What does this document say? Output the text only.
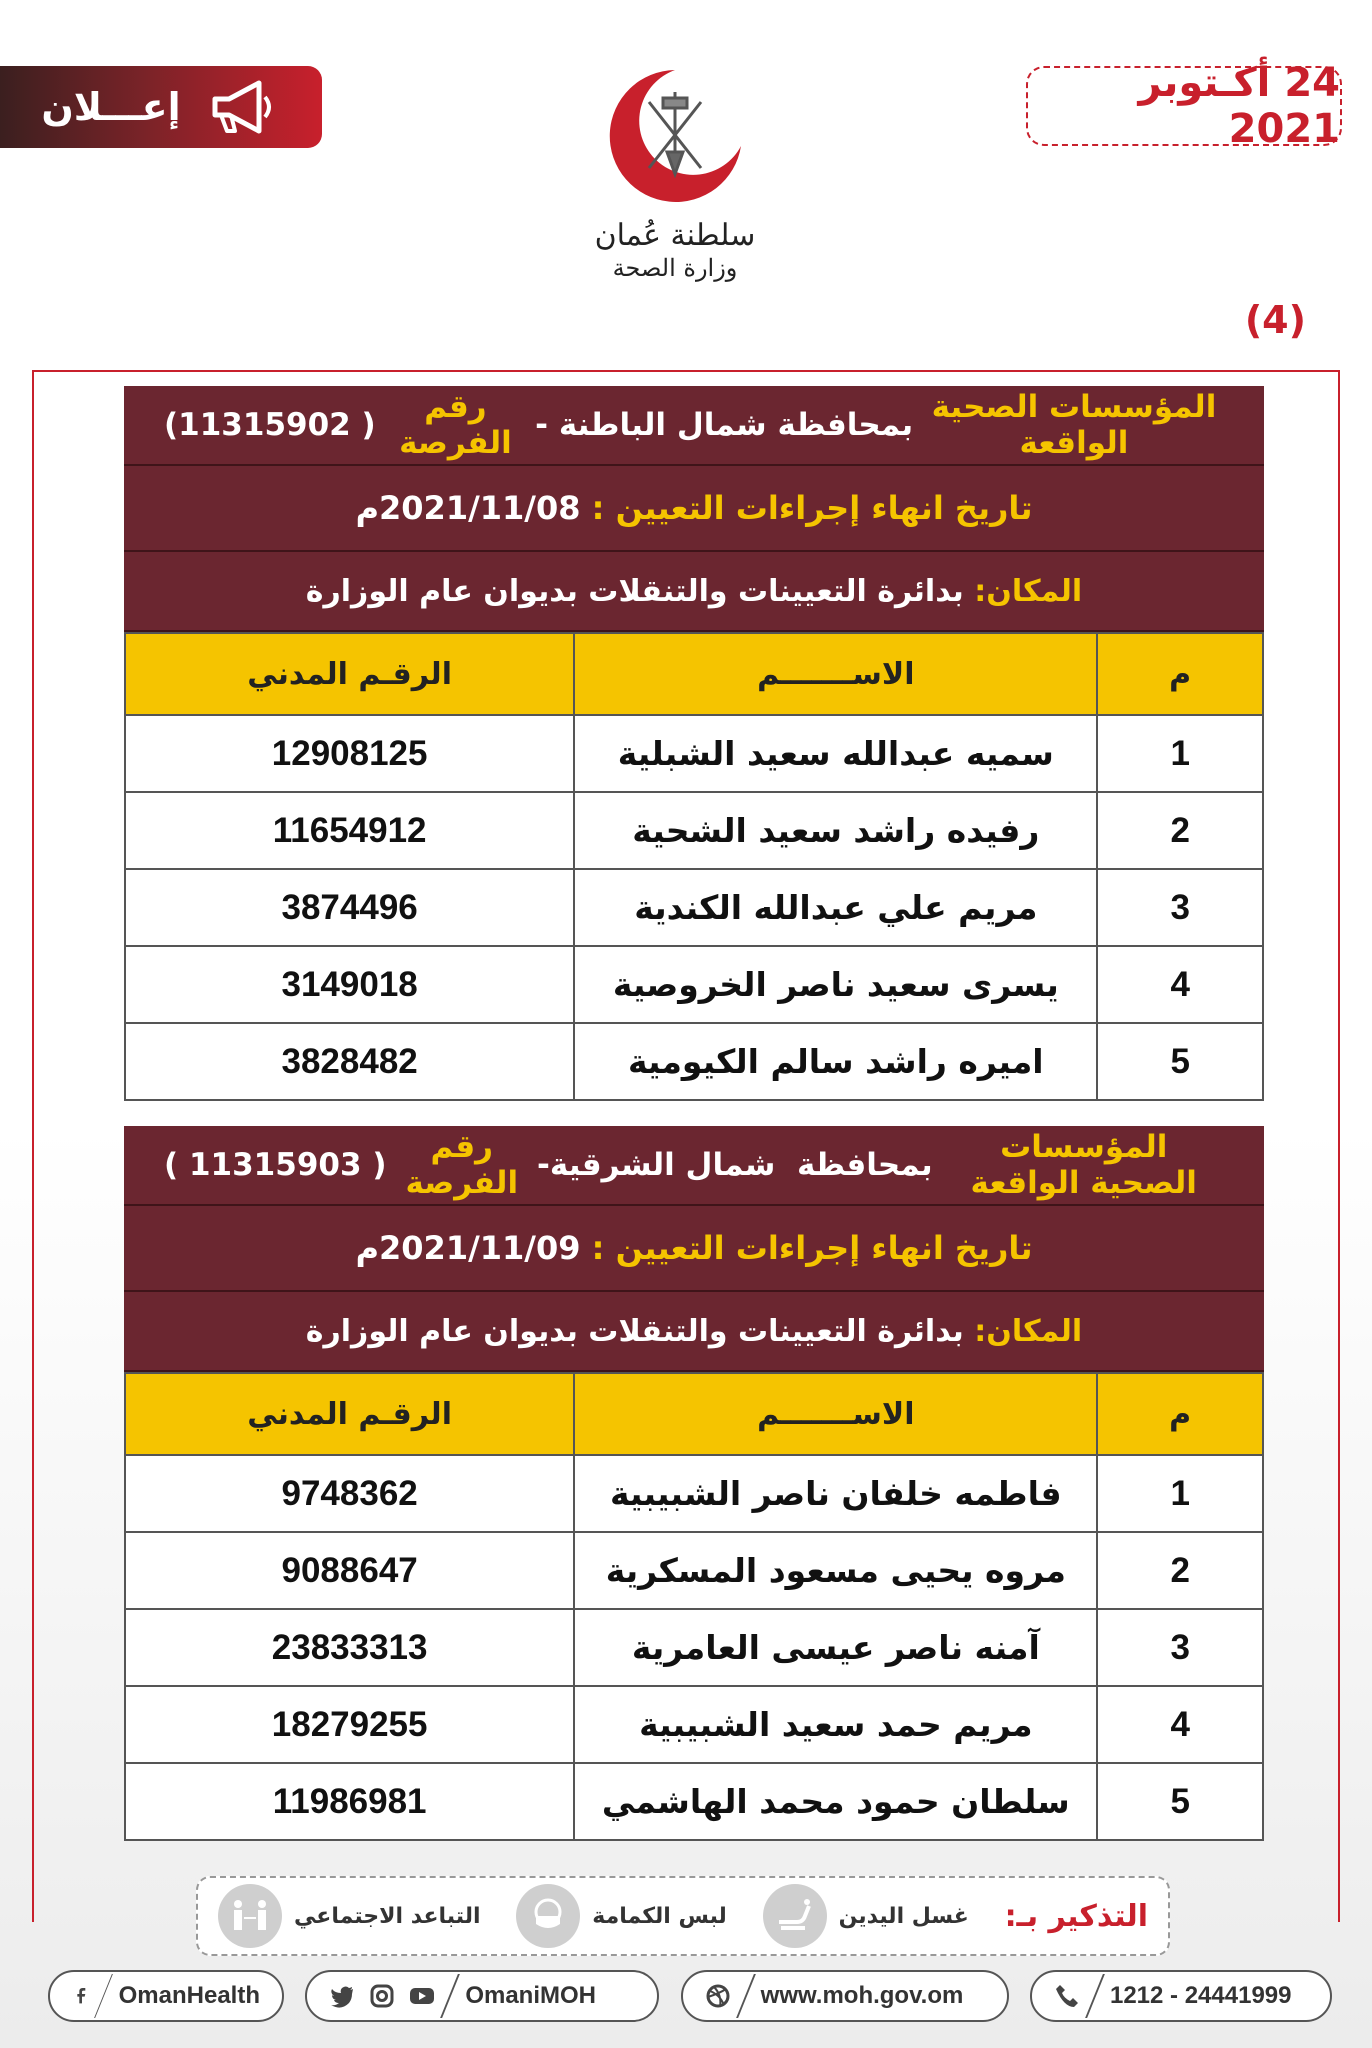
إعـــلان
سلطنة عُمان
وزارة الصحة
24 أكـتوبر 2021
(4)
المؤسسات الصحية الواقعة
بمحافظة شمال الباطنة -
رقم الفرصة
( 11315902)
تاريخ انهاء إجراءات التعيين :
2021/11/08م
المكان:
بدائرة التعيينات والتنقلات بديوان عام الوزارة
م	الاســـــــم	الرقـم المدني
1	سميه عبدالله سعيد الشبلية	12908125
2	رفيده راشد سعيد الشحية	11654912
3	مريم علي عبدالله الكندية	3874496
4	يسرى سعيد ناصر الخروصية	3149018
5	اميره راشد سالم الكيومية	3828482
المؤسسات الصحية الواقعة
بمحافظة  شمال الشرقية-
رقم الفرصة
( 11315903 )
تاريخ انهاء إجراءات التعيين :
2021/11/09م
المكان:
بدائرة التعيينات والتنقلات بديوان عام الوزارة
م	الاســـــــم	الرقـم المدني
1	فاطمه خلفان ناصر الشبيبية	9748362
2	مروه يحيى مسعود المسكرية	9088647
3	آمنه ناصر عيسى العامرية	23833313
4	مريم حمد سعيد الشبيبية	18279255
5	سلطان حمود محمد الهاشمي	11986981
التذكير بـ:
غسل اليدين
لبس الكمامة
التباعد الاجتماعي
OmanHealth	OmaniMOH	www.moh.gov.om	1212 - 24441999
